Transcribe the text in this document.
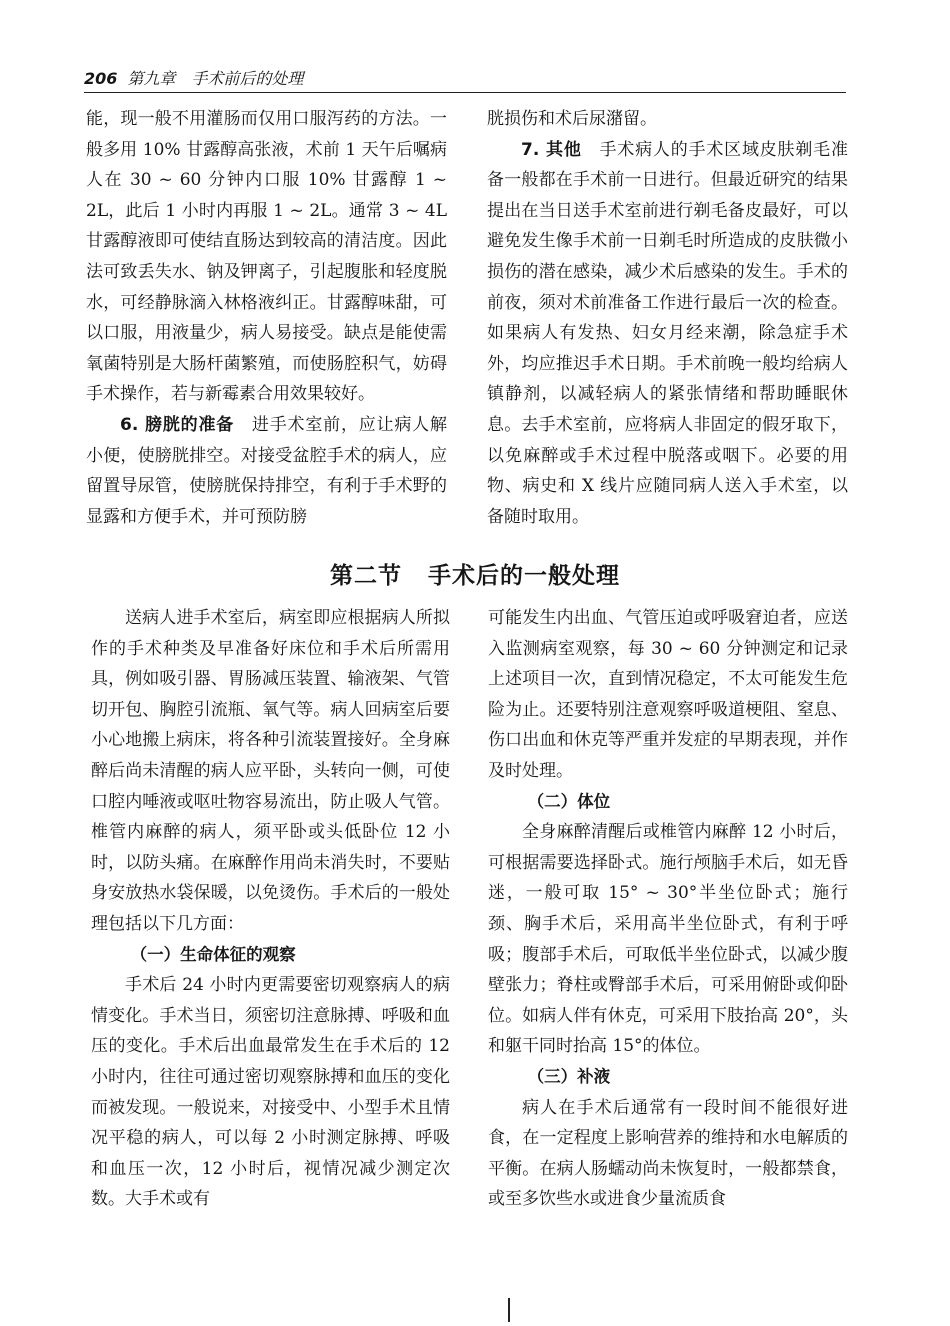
206 第九章　手术前后的处理

能，现一般不用灌肠而仅用口服泻药的方法。一般多用 10% 甘露醇高张液，术前 1 天午后嘱病人在 30 ~ 60 分钟内口服 10% 甘露醇 1 ~ 2L，此后 1 小时内再服 1 ~ 2L。通常 3 ~ 4L 甘露醇液即可使结直肠达到较高的清洁度。因此法可致丢失水、钠及钾离子，引起腹胀和轻度脱水，可经静脉滴入林格液纠正。甘露醇味甜，可以口服，用液量少，病人易接受。缺点是能使需氧菌特别是大肠杆菌繁殖，而使肠腔积气，妨碍手术操作，若与新霉素合用效果较好。

6. 膀胱的准备　 进手术室前，应让病人解小便，使膀胱排空。对接受盆腔手术的病人，应留置导尿管，使膀胱保持排空，有利于手术野的显露和方便手术，并可预防膀

胱损伤和术后尿潴留。

7. 其他　 手术病人的手术区域皮肤剃毛准备一般都在手术前一日进行。但最近研究的结果提出在当日送手术室前进行剃毛备皮最好，可以避免发生像手术前一日剃毛时所造成的皮肤微小损伤的潜在感染，减少术后感染的发生。手术的前夜，须对术前准备工作进行最后一次的检查。如果病人有发热、妇女月经来潮，除急症手术外，均应推迟手术日期。手术前晚一般均给病人镇静剂，以减轻病人的紧张情绪和帮助睡眠休息。去手术室前，应将病人非固定的假牙取下，以免麻醉或手术过程中脱落或咽下。必要的用物、病史和 X 线片应随同病人送入手术室，以备随时取用。

第二节 手术后的一般处理

送病人进手术室后，病室即应根据病人所拟作的手术种类及早准备好床位和手术后所需用具，例如吸引器、胃肠减压装置、输液架、气管切开包、胸腔引流瓶、氧气等。病人回病室后要小心地搬上病床，将各种引流装置接好。全身麻醉后尚未清醒的病人应平卧，头转向一侧，可使口腔内唾液或呕吐物容易流出，防止吸人气管。椎管内麻醉的病人，须平卧或头低卧位 12 小时，以防头痛。在麻醉作用尚未消失时，不要贴身安放热水袋保暖，以免烫伤。手术后的一般处理包括以下几方面：

（一）生命体征的观察

手术后 24 小时内更需要密切观察病人的病情变化。手术当日，须密切注意脉搏、呼吸和血压的变化。手术后出血最常发生在手术后的 12 小时内，往往可通过密切观察脉搏和血压的变化而被发现。一般说来，对接受中、小型手术且情况平稳的病人，可以每 2 小时测定脉搏、呼吸和血压一次，12 小时后，视情况减少测定次数。大手术或有

可能发生内出血、气管压迫或呼吸窘迫者，应送入监测病室观察，每 30 ~ 60 分钟测定和记录上述项目一次，直到情况稳定，不太可能发生危险为止。还要特别注意观察呼吸道梗阻、窒息、伤口出血和休克等严重并发症的早期表现，并作及时处理。

（二）体位

全身麻醉清醒后或椎管内麻醉 12 小时后，可根据需要选择卧式。施行颅脑手术后，如无昏迷，一般可取 15° ~ 30°半坐位卧式；施行颈、胸手术后，采用高半坐位卧式，有利于呼吸；腹部手术后，可取低半坐位卧式，以减少腹壁张力；脊柱或臀部手术后，可采用俯卧或仰卧位。如病人伴有休克，可采用下肢抬高 20°，头和躯干同时抬高 15°的体位。

（三）补液

病人在手术后通常有一段时间不能很好进食，在一定程度上影响营养的维持和水电解质的平衡。在病人肠蠕动尚未恢复时，一般都禁食，或至多饮些水或进食少量流质食
